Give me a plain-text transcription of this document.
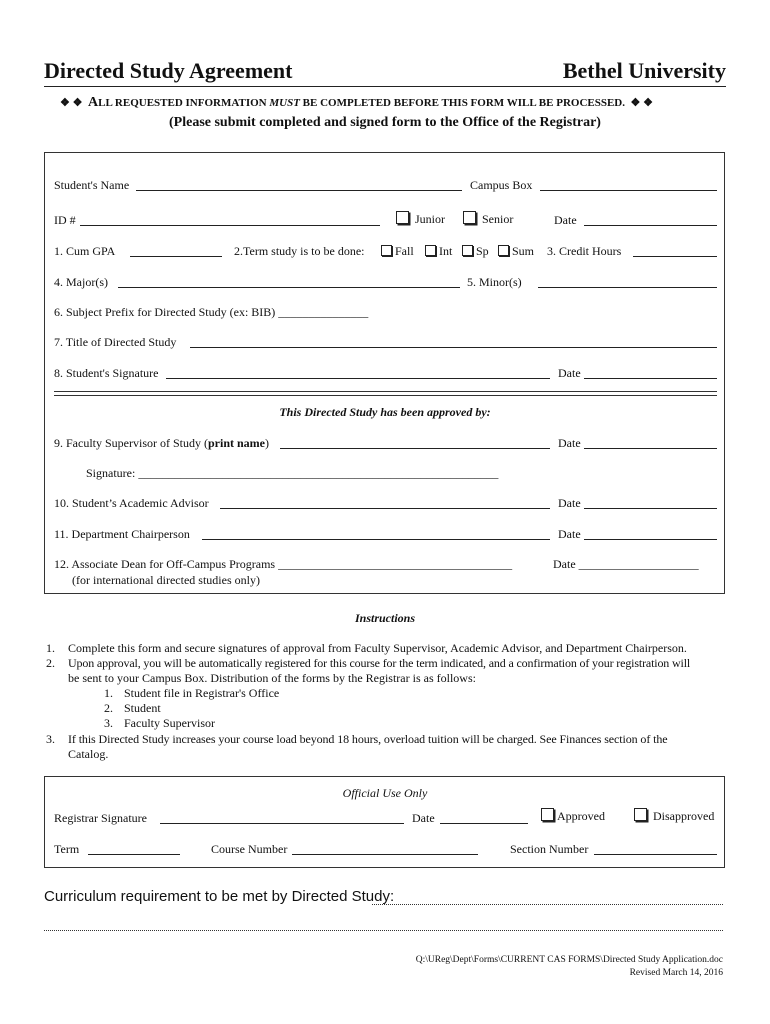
Directed Study Agreement	Bethel University
❖ ❖ ALL REQUESTED INFORMATION MUST BE COMPLETED BEFORE THIS FORM WILL BE PROCESSED. ❖ ❖
(Please submit completed and signed form to the Office of the Registrar)
Student's Name	Campus Box
ID #	Junior	Senior	Date
1. Cum GPA	2.Term study is to be done:	Fall	Int	Sp	Sum 3. Credit Hours
4. Major(s)	5. Minor(s)
6. Subject Prefix for Directed Study (ex: BIB) _______________
7. Title of Directed Study
8. Student's Signature	Date
This Directed Study has been approved by:
9. Faculty Supervisor of Study (print name)	Date
Signature: ____________________________________________________________
10. Student’s Academic Advisor	Date
11. Department Chairperson	Date
12. Associate Dean for Off-Campus Programs _______________________________________	Date ____________________
(for international directed studies only)
Instructions
1. Complete this form and secure signatures of approval from Faculty Supervisor, Academic Advisor, and Department Chairperson.
2. Upon approval, you will be automatically registered for this course for the term indicated, and a confirmation of your registration will
be sent to your Campus Box. Distribution of the forms by the Registrar is as follows:
1. Student file in Registrar's Office
2. Student
3. Faculty Supervisor
3. If this Directed Study increases your course load beyond 18 hours, overload tuition will be charged. See Finances section of the
Catalog.
Official Use Only
Registrar Signature	Date	Approved	Disapproved
Term	Course Number	Section Number
Curriculum requirement to be met by Directed Study:
Q:\UReg\Dept\Forms\CURRENT CAS FORMS\Directed Study Application.doc
Revised March 14, 2016
